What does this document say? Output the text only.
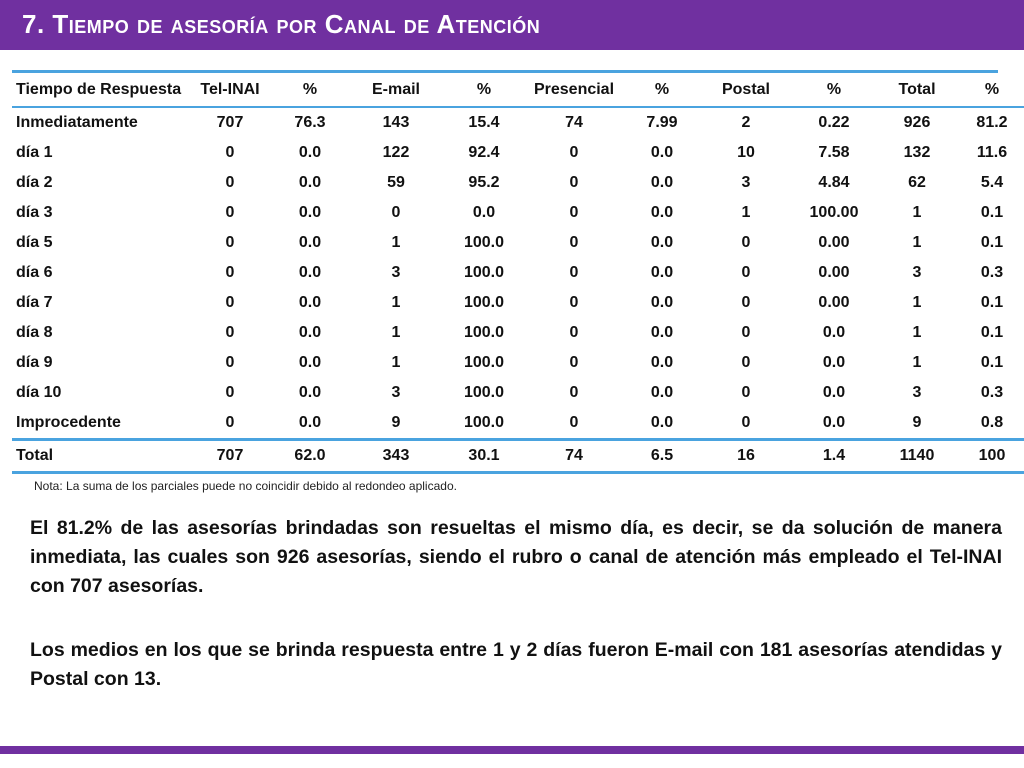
7. Tiempo de asesoría por Canal de Atención
Tiempo de Respuesta	Tel-INAI	%	E-mail	%	Presencial	%	Postal	%	Total	%
Inmediatamente	707	76.3	143	15.4	74	7.99	2	0.22	926	81.2
día 1	0	0.0	122	92.4	0	0.0	10	7.58	132	11.6
día 2	0	0.0	59	95.2	0	0.0	3	4.84	62	5.4
día 3	0	0.0	0	0.0	0	0.0	1	100.00	1	0.1
día 5	0	0.0	1	100.0	0	0.0	0	0.00	1	0.1
día 6	0	0.0	3	100.0	0	0.0	0	0.00	3	0.3
día 7	0	0.0	1	100.0	0	0.0	0	0.00	1	0.1
día 8	0	0.0	1	100.0	0	0.0	0	0.0	1	0.1
día 9	0	0.0	1	100.0	0	0.0	0	0.0	1	0.1
día 10	0	0.0	3	100.0	0	0.0	0	0.0	3	0.3
Improcedente	0	0.0	9	100.0	0	0.0	0	0.0	9	0.8
Total	707	62.0	343	30.1	74	6.5	16	1.4	1140	100
Nota: La suma de los parciales puede no coincidir debido al redondeo aplicado.

El 81.2% de las asesorías brindadas son resueltas el mismo día, es decir, se da solución de manera inmediata, las cuales son 926 asesorías, siendo el rubro o canal de atención más empleado el Tel-INAI con 707 asesorías.

Los medios en los que se brinda respuesta entre 1 y 2 días fueron E-mail con 181 asesorías atendidas y Postal con 13.
